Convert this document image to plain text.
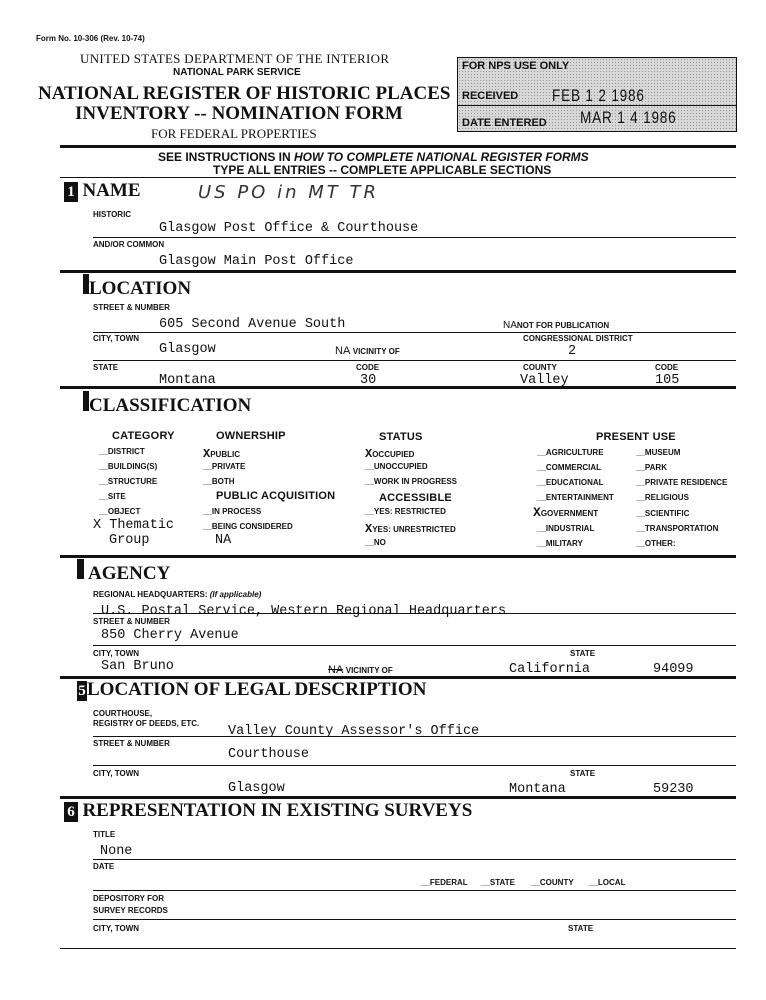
Form No. 10-306 (Rev. 10-74)
UNITED STATES DEPARTMENT OF THE INTERIOR
NATIONAL PARK SERVICE
NATIONAL REGISTER OF HISTORIC PLACES
INVENTORY -- NOMINATION FORM
FOR FEDERAL PROPERTIES
FOR NPS USE ONLY
RECEIVED FEB 1 2 1986
DATE ENTERED MAR 1 4 1986
SEE INSTRUCTIONS IN HOW TO COMPLETE NATIONAL REGISTER FORMS
TYPE ALL ENTRIES -- COMPLETE APPLICABLE SECTIONS
1 NAME	US PO in MT TR
HISTORIC
Glasgow Post Office & Courthouse
AND/OR COMMON
Glasgow Main Post Office
LOCATION
STREET & NUMBER
605 Second Avenue South	NANOT FOR PUBLICATION
CITY, TOWN	CONGRESSIONAL DISTRICT
Glasgow	NA VICINITY OF	2
STATE	CODE	COUNTY	CODE
Montana	30	Valley	105
CLASSIFICATION
CATEGORY
__DISTRICT
__BUILDING(S)
__STRUCTURE
__SITE
__OBJECT
X Thematic
Group
OWNERSHIP
XPUBLIC
__PRIVATE
__BOTH
PUBLIC ACQUISITION
__IN PROCESS
__BEING CONSIDERED
NA
STATUS
XOCCUPIED
__UNOCCUPIED
__WORK IN PROGRESS
ACCESSIBLE
__YES: RESTRICTED
XYES: UNRESTRICTED
__NO
PRESENT USE
__AGRICULTURE
__COMMERCIAL
__EDUCATIONAL
__ENTERTAINMENT
XGOVERNMENT
__INDUSTRIAL
__MILITARY
__MUSEUM
__PARK
__PRIVATE RESIDENCE
__RELIGIOUS
__SCIENTIFIC
__TRANSPORTATION
__OTHER:
AGENCY
REGIONAL HEADQUARTERS: (If applicable)
U.S. Postal Service, Western Regional Headquarters
STREET & NUMBER
850 Cherry Avenue
CITY, TOWN	STATE
San Bruno	NA VICINITY OF	California	94099
5LOCATION OF LEGAL DESCRIPTION
COURTHOUSE,
REGISTRY OF DEEDS, ETC.
Valley County Assessor's Office
STREET & NUMBER
Courthouse
CITY, TOWN	STATE
Glasgow	Montana	59230
6 REPRESENTATION IN EXISTING SURVEYS
TITLE
None
DATE
__FEDERAL __STATE __COUNTY __LOCAL
DEPOSITORY FOR
SURVEY RECORDS
CITY, TOWN	STATE
